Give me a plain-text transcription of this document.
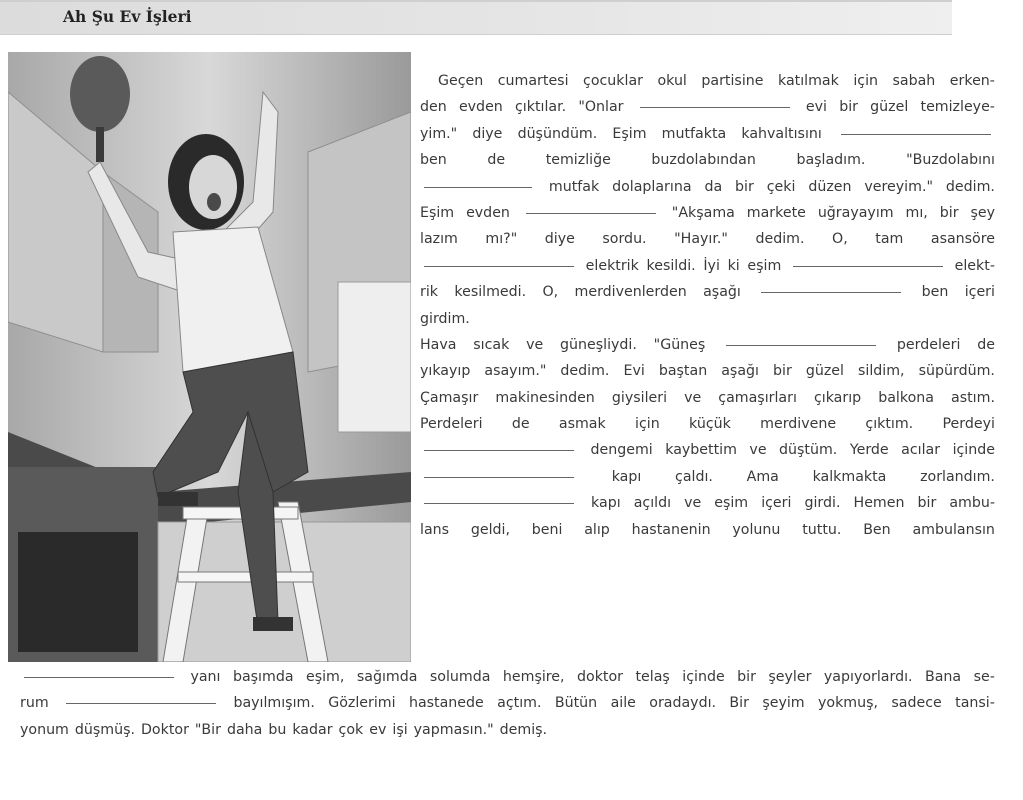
Ah Şu Ev İşleri
Geçen cumartesi çocuklar okul partisine katılmak için sabah erken-
den evden çıktılar. "Onlar	evi bir güzel temizleye-
yim." diye düşündüm. Eşim mutfakta kahvaltısını
ben	de	temizliğe	buzdolabından	başladım.	"Buzdolabını
mutfak dolaplarına da bir çeki düzen vereyim." dedim.
Eşim evden	"Akşama markete uğrayayım mı, bir şey
lazım mı?" diye sordu. "Hayır." dedim. O, tam asansöre
elektrik kesildi. İyi ki eşim	elekt-
rik kesilmedi. O, merdivenlerden aşağı	ben içeri
girdim.
Hava sıcak ve güneşliydi. "Güneş	perdeleri de
yıkayıp asayım." dedim. Evi baştan aşağı bir güzel sildim, süpürdüm.
Çamaşır makinesinden giysileri ve çamaşırları çıkarıp balkona astım.
Perdeleri de asmak için küçük merdivene çıktım. Perdeyi
dengemi kaybettim ve düştüm. Yerde acılar içinde
kapı çaldı. Ama kalkmakta zorlandım.
kapı açıldı ve eşim içeri girdi. Hemen bir ambu-
lans geldi, beni alıp hastanenin yolunu tuttu. Ben ambulansın
yanı başımda eşim, sağımda solumda hemşire, doktor telaş içinde bir şeyler yapıyorlardı. Bana se-
rum	bayılmışım. Gözlerimi hastanede açtım. Bütün aile oradaydı. Bir şeyim yokmuş, sadece tansi-
yonum düşmüş. Doktor "Bir daha bu kadar çok ev işi yapmasın." demiş.
